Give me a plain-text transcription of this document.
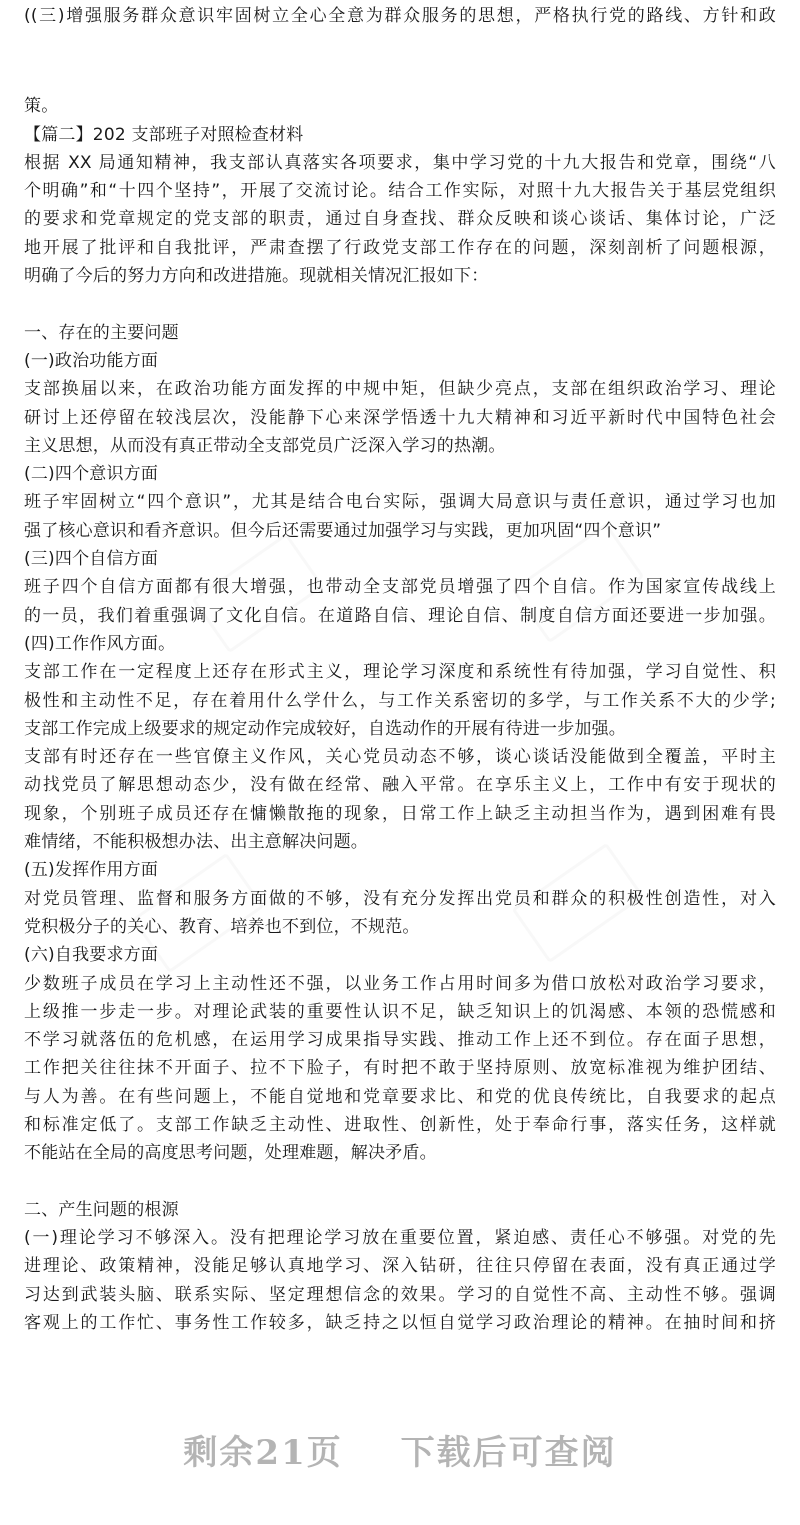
((三)增强服务群众意识牢固树立全心全意为群众服务的思想，严格执行党的路线、方针和政
策。
【篇二】202 支部班子对照检查材料
根据 XX 局通知精神，我支部认真落实各项要求，集中学习党的十九大报告和党章，围绕“八
个明确”和“十四个坚持”，开展了交流讨论。结合工作实际，对照十九大报告关于基层党组织
的要求和党章规定的党支部的职责，通过自身查找、群众反映和谈心谈话、集体讨论，广泛
地开展了批评和自我批评，严肃查摆了行政党支部工作存在的问题，深刻剖析了问题根源，
明确了今后的努力方向和改进措施。现就相关情况汇报如下：
一、存在的主要问题
(一)政治功能方面
支部换届以来，在政治功能方面发挥的中规中矩，但缺少亮点，支部在组织政治学习、理论
研讨上还停留在较浅层次，没能静下心来深学悟透十九大精神和习近平新时代中国特色社会
主义思想，从而没有真正带动全支部党员广泛深入学习的热潮。
(二)四个意识方面
班子牢固树立“四个意识”，尤其是结合电台实际，强调大局意识与责任意识，通过学习也加
强了核心意识和看齐意识。但今后还需要通过加强学习与实践，更加巩固“四个意识”
(三)四个自信方面
班子四个自信方面都有很大增强，也带动全支部党员增强了四个自信。作为国家宣传战线上
的一员，我们着重强调了文化自信。在道路自信、理论自信、制度自信方面还要进一步加强。
(四)工作作风方面。
支部工作在一定程度上还存在形式主义，理论学习深度和系统性有待加强，学习自觉性、积
极性和主动性不足，存在着用什么学什么，与工作关系密切的多学，与工作关系不大的少学;
支部工作完成上级要求的规定动作完成较好，自选动作的开展有待进一步加强。
支部有时还存在一些官僚主义作风，关心党员动态不够，谈心谈话没能做到全覆盖，平时主
动找党员了解思想动态少，没有做在经常、融入平常。在享乐主义上，工作中有安于现状的
现象，个别班子成员还存在慵懒散拖的现象，日常工作上缺乏主动担当作为，遇到困难有畏
难情绪，不能积极想办法、出主意解决问题。
(五)发挥作用方面
对党员管理、监督和服务方面做的不够，没有充分发挥出党员和群众的积极性创造性，对入
党积极分子的关心、教育、培养也不到位，不规范。
(六)自我要求方面
少数班子成员在学习上主动性还不强，以业务工作占用时间多为借口放松对政治学习要求，
上级推一步走一步。对理论武装的重要性认识不足，缺乏知识上的饥渴感、本领的恐慌感和
不学习就落伍的危机感，在运用学习成果指导实践、推动工作上还不到位。存在面子思想，
工作把关往往抹不开面子、拉不下脸子，有时把不敢于坚持原则、放宽标准视为维护团结、
与人为善。在有些问题上，不能自觉地和党章要求比、和党的优良传统比，自我要求的起点
和标准定低了。支部工作缺乏主动性、进取性、创新性，处于奉命行事，落实任务，这样就
不能站在全局的高度思考问题，处理难题，解决矛盾。
二、产生问题的根源
(一)理论学习不够深入。没有把理论学习放在重要位置，紧迫感、责任心不够强。对党的先
进理论、政策精神，没能足够认真地学习、深入钻研，往往只停留在表面，没有真正通过学
习达到武装头脑、联系实际、坚定理想信念的效果。学习的自觉性不高、主动性不够。强调
客观上的工作忙、事务性工作较多，缺乏持之以恒自觉学习政治理论的精神。在抽时间和挤
剩余21页 下载后可查阅
